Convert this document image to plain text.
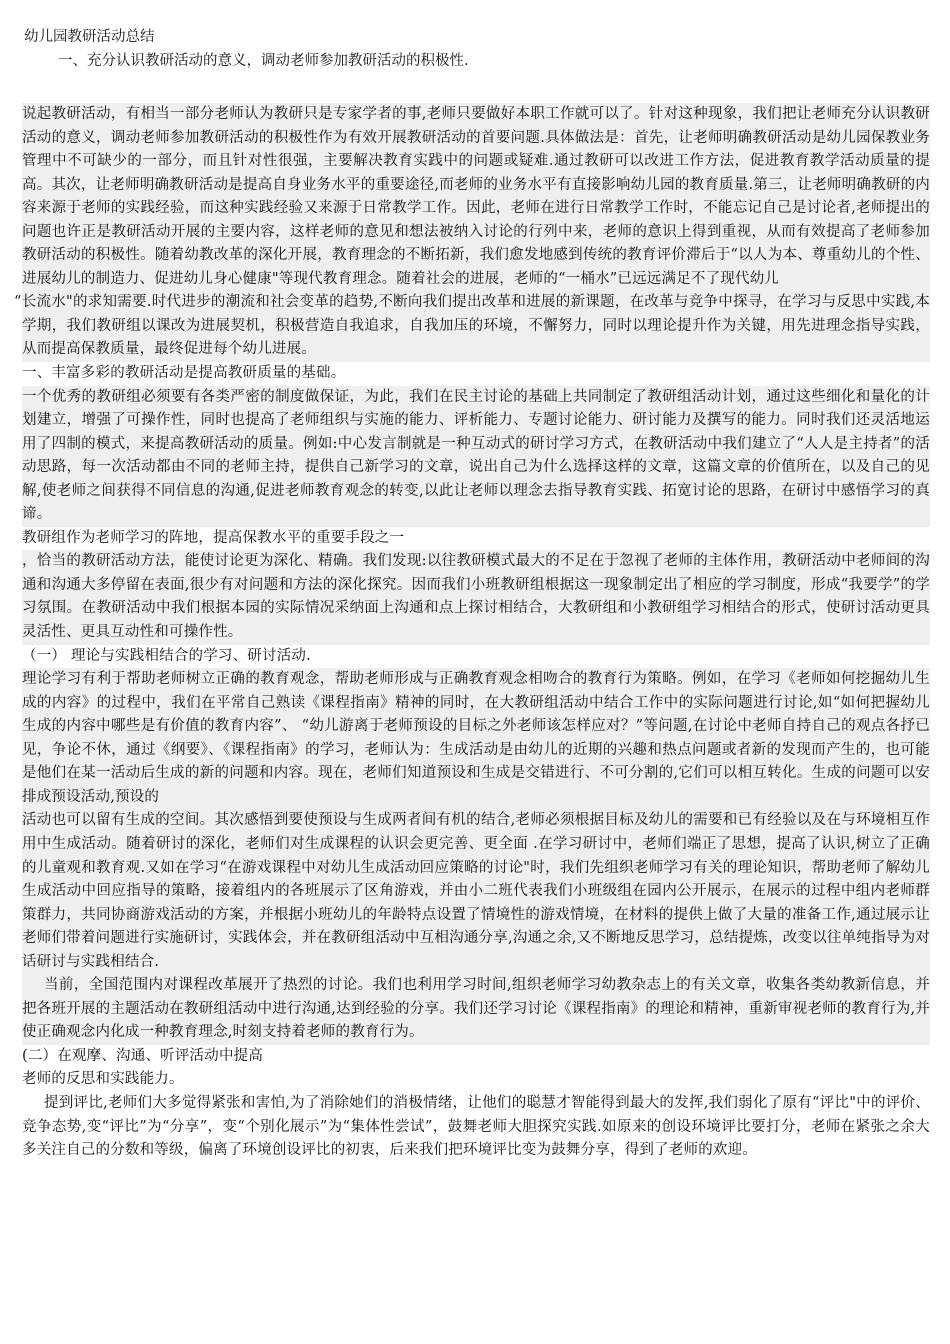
幼儿园教研活动总结
一、充分认识教研活动的意义，调动老师参加教研活动的积极性.

说起教研活动，有相当一部分老师认为教研只是专家学者的事,老师只要做好本职工作就可以了。针对这种现象，我们把让老师充分认识教研活动的意义，调动老师参加教研活动的积极性作为有效开展教研活动的首要问题.具体做法是：首先，让老师明确教研活动是幼儿园保教业务管理中不可缺少的一部分，而且针对性很强，主要解决教育实践中的问题或疑难.通过教研可以改进工作方法，促进教育教学活动质量的提高。其次，让老师明确教研活动是提高自身业务水平的重要途径,而老师的业务水平有直接影响幼儿园的教育质量.第三，让老师明确教研的内容来源于老师的实践经验，而这种实践经验又来源于日常教学工作。因此，老师在进行日常教学工作时，不能忘记自己是讨论者,老师提出的问题也许正是教研活动开展的主要内容，这样老师的意见和想法被纳入讨论的行列中来，老师的意识上得到重视，从而有效提高了老师参加教研活动的积极性。随着幼教改革的深化开展，教育理念的不断拓新，我们愈发地感到传统的教育评价滞后于“以人为本、尊重幼儿的个性、进展幼儿的制造力、促进幼儿身心健康"等现代教育理念。随着社会的进展，老师的“一桶水”已远远满足不了现代幼儿

“长流水"的求知需要.时代进步的潮流和社会变革的趋势,不断向我们提出改革和进展的新课题，在改革与竞争中探寻，在学习与反思中实践,本学期，我们教研组以课改为进展契机，积极营造自我追求，自我加压的环境，不懈努力，同时以理论提升作为关键，用先进理念指导实践，从而提高保教质量，最终促进每个幼儿进展。

一、丰富多彩的教研活动是提高教研质量的基础。

一个优秀的教研组必须要有各类严密的制度做保证，为此，我们在民主讨论的基础上共同制定了教研组活动计划，通过这些细化和量化的计划建立，增强了可操作性，同时也提高了老师组织与实施的能力、评析能力、专题讨论能力、研讨能力及撰写的能力。同时我们还灵活地运用了四制的模式，来提高教研活动的质量。例如:中心发言制就是一种互动式的研讨学习方式，在教研活动中我们建立了“人人是主持者”的活动思路，每一次活动都由不同的老师主持，提供自己新学习的文章，说出自己为什么选择这样的文章，这篇文章的价值所在，以及自己的见解,使老师之间获得不同信息的沟通,促进老师教育观念的转变,以此让老师以理念去指导教育实践、拓宽讨论的思路，在研讨中感悟学习的真谛。

教研组作为老师学习的阵地，提高保教水平的重要手段之一

，恰当的教研活动方法，能使讨论更为深化、精确。我们发现:以往教研模式最大的不足在于忽视了老师的主体作用，教研活动中老师间的沟通和沟通大多停留在表面,很少有对问题和方法的深化探究。因而我们小班教研组根据这一现象制定出了相应的学习制度，形成“我要学”的学习氛围。在教研活动中我们根据本园的实际情况采纳面上沟通和点上探讨相结合，大教研组和小教研组学习相结合的形式，使研讨活动更具灵活性、更具互动性和可操作性。

（一） 理论与实践相结合的学习、研讨活动.

理论学习有利于帮助老师树立正确的教育观念，帮助老师形成与正确教育观念相吻合的教育行为策略。例如，在学习《老师如何挖掘幼儿生成的内容》的过程中，我们在平常自己熟读《课程指南》精神的同时，在大教研组活动中结合工作中的实际问题进行讨论,如“如何把握幼儿生成的内容中哪些是有价值的教育内容”、 “幼儿游离于老师预设的目标之外老师该怎样应对？”等问题,在讨论中老师自持自己的观点各抒已见，争论不休，通过《纲要》、《课程指南》的学习，老师认为：生成活动是由幼儿的近期的兴趣和热点问题或者新的发现而产生的，也可能是他们在某一活动后生成的新的问题和内容。现在，老师们知道预设和生成是交错进行、不可分割的,它们可以相互转化。生成的问题可以安排成预设活动,预设的

活动也可以留有生成的空间。其次感悟到要使预设与生成两者间有机的结合,老师必须根据目标及幼儿的需要和已有经验以及在与环境相互作用中生成活动。随着研讨的深化，老师们对生成课程的认识会更完善、更全面 .在学习研讨中，老师们端正了思想，提高了认识,树立了正确的儿童观和教育观.又如在学习“在游戏课程中对幼儿生成活动回应策略的讨论"时，我们先组织老师学习有关的理论知识，帮助老师了解幼儿生成活动中回应指导的策略，接着组内的各班展示了区角游戏，并由小二班代表我们小班级组在园内公开展示，在展示的过程中组内老师群策群力，共同协商游戏活动的方案，并根据小班幼儿的年龄特点设置了情境性的游戏情境，在材料的提供上做了大量的准备工作,通过展示让老师们带着问题进行实施研讨，实践体会，并在教研组活动中互相沟通分享,沟通之余,又不断地反思学习，总结提炼，改变以往单纯指导为对话研讨与实践相结合.

当前，全国范围内对课程改革展开了热烈的讨论。我们也利用学习时间,组织老师学习幼教杂志上的有关文章，收集各类幼教新信息，并把各班开展的主题活动在教研组活动中进行沟通,达到经验的分享。我们还学习讨论《课程指南》的理论和精神，重新审视老师的教育行为,并使正确观念内化成一种教育理念,时刻支持着老师的教育行为。

(二）在观摩、沟通、听评活动中提高

老师的反思和实践能力。

提到评比,老师们大多觉得紧张和害怕,为了消除她们的消极情绪，让他们的聪慧才智能得到最大的发挥,我们弱化了原有“评比"中的评价、竞争态势,变“评比”为“分享”，变“个别化展示”为“集体性尝试”，鼓舞老师大胆探究实践.如原来的创设环境评比要打分，老师在紧张之余大多关注自己的分数和等级，偏离了环境创设评比的初衷，后来我们把环境评比变为鼓舞分享，得到了老师的欢迎。
